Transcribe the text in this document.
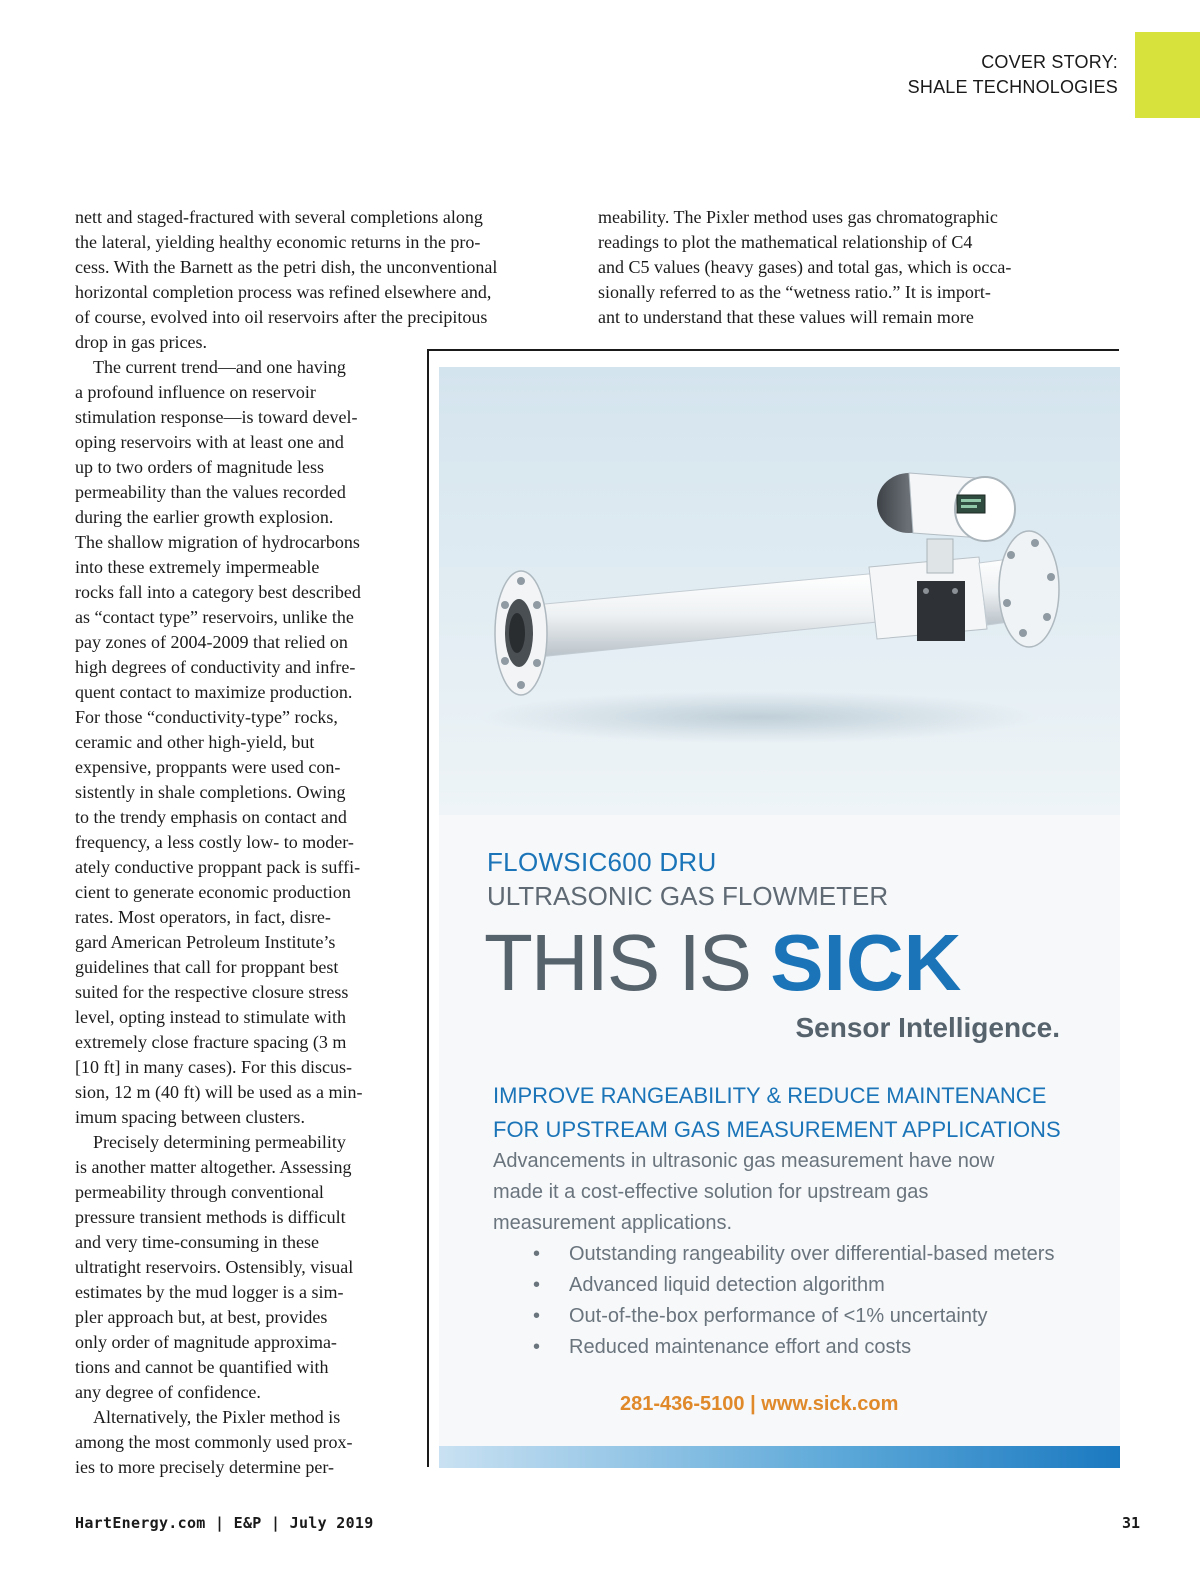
COVER STORY:
SHALE TECHNOLOGIES
nett and staged-fractured with several completions along
the lateral, yielding healthy economic returns in the pro-
cess. With the Barnett as the petri dish, the unconventional
horizontal completion process was refined elsewhere and,
of course, evolved into oil reservoirs after the precipitous
drop in gas prices.
The current trend—and one having
a profound influence on reservoir
stimulation response—is toward devel-
oping reservoirs with at least one and
up to two orders of magnitude less
permeability than the values recorded
during the earlier growth explosion.
The shallow migration of hydrocarbons
into these extremely impermeable
rocks fall into a category best described
as “contact type” reservoirs, unlike the
pay zones of 2004-2009 that relied on
high degrees of conductivity and infre-
quent contact to maximize production.
For those “conductivity-type” rocks,
ceramic and other high-yield, but
expensive, proppants were used con-
sistently in shale completions. Owing
to the trendy emphasis on contact and
frequency, a less costly low- to moder-
ately conductive proppant pack is suffi-
cient to generate economic production
rates. Most operators, in fact, disre-
gard American Petroleum Institute’s
guidelines that call for proppant best
suited for the respective closure stress
level, opting instead to stimulate with
extremely close fracture spacing (3 m
[10 ft] in many cases). For this discus-
sion, 12 m (40 ft) will be used as a min-
imum spacing between clusters.
Precisely determining permeability
is another matter altogether. Assessing
permeability through conventional
pressure transient methods is difficult
and very time-consuming in these
ultratight reservoirs. Ostensibly, visual
estimates by the mud logger is a sim-
pler approach but, at best, provides
only order of magnitude approxima-
tions and cannot be quantified with
any degree of confidence.
Alternatively, the Pixler method is
among the most commonly used prox-
ies to more precisely determine per-
meability. The Pixler method uses gas chromatographic
readings to plot the mathematical relationship of C4
and C5 values (heavy gases) and total gas, which is occa-
sionally referred to as the “wetness ratio.” It is import-
ant to understand that these values will remain more
FLOWSIC600 DRU
ULTRASONIC GAS FLOWMETER
THIS IS SICK
Sensor Intelligence.
IMPROVE RANGEABILITY & REDUCE MAINTENANCE
FOR UPSTREAM GAS MEASUREMENT APPLICATIONS
Advancements in ultrasonic gas measurement have now
made it a cost-effective solution for upstream gas
measurement applications.
• Outstanding rangeability over differential-based meters
• Advanced liquid detection algorithm
• Out-of-the-box performance of <1% uncertainty
• Reduced maintenance effort and costs
281-436-5100 | www.sick.com
HartEnergy.com | E&P | July 2019	31
